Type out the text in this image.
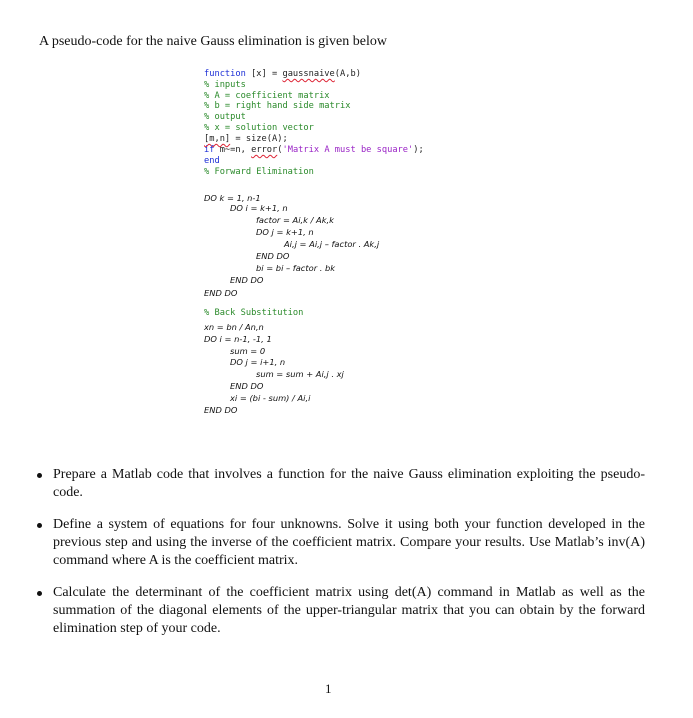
A pseudo-code for the naive Gauss elimination is given below
function [x] = gaussnaive(A,b)
% inputs
% A = coefficient matrix
% b = right hand side matrix
% output
% x = solution vector
[m,n] = size(A);
if m~=n, error('Matrix A must be square');
end
% Forward Elimination
DO k = 1, n-1
DO i = k+1, n
factor = Ai,k / Ak,k
DO j = k+1, n
Ai,j = Ai,j – factor . Ak,j
END DO
bi = bi – factor . bk
END DO
END DO
% Back Substitution
xn = bn / An,n
DO i = n-1, -1, 1
sum = 0
DO j = i+1, n
sum = sum + Ai,j . xj
END DO
xi = (bi - sum) / Ai,i
END DO
Prepare a Matlab code that involves a function for the naive Gauss elimination exploiting the pseudo-code.
Define a system of equations for four unknowns. Solve it using both your function developed in the previous step and using the inverse of the coefficient matrix. Compare your results. Use Matlab’s inv(A) command where A is the coefficient matrix.
Calculate the determinant of the coefficient matrix using det(A) command in Matlab as well as the summation of the diagonal elements of the upper-triangular matrix that you can obtain by the forward elimination step of your code.
1
